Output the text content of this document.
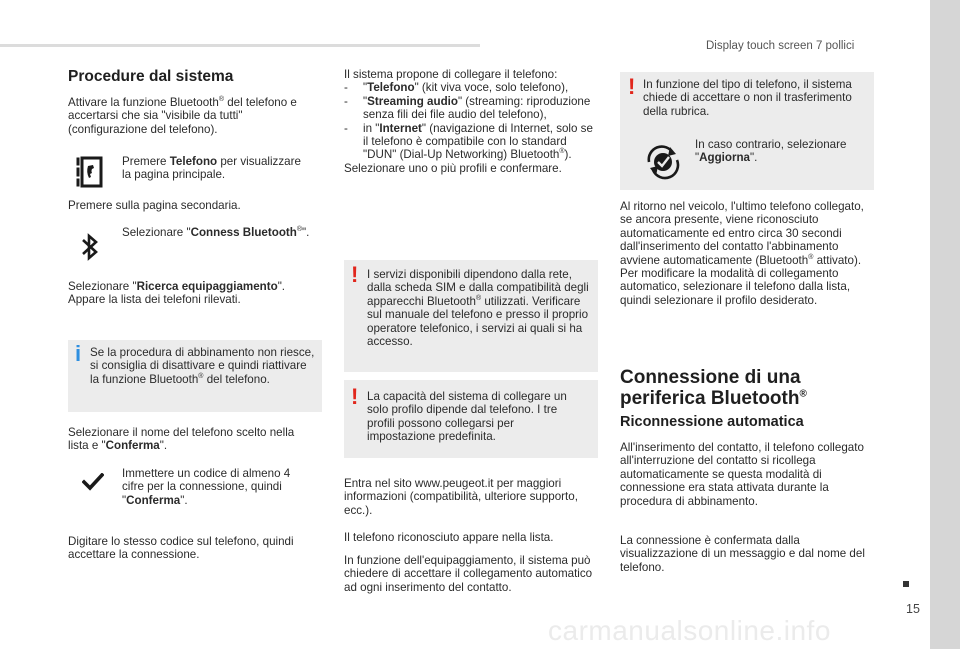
Display touch screen 7 pollici
15
carmanualsonline.info
Procedure dal sistema

Attivare la funzione Bluetooth® del telefono e accertarsi che sia "visibile da tutti" (configurazione del telefono).

Premere Telefono per visualizzare la pagina principale.

Premere sulla pagina secondaria.

Selezionare "Conness Bluetooth®".

Selezionare "Ricerca equipaggiamento". Appare la lista dei telefoni rilevati.

i Se la procedura di abbinamento non riesce, si consiglia di disattivare e quindi riattivare la funzione Bluetooth® del telefono.

Selezionare il nome del telefono scelto nella lista e "Conferma".

Immettere un codice di almeno 4 cifre per la connessione, quindi "Conferma".

Digitare lo stesso codice sul telefono, quindi accettare la connessione.

Il sistema propone di collegare il telefono:

- "Telefono" (kit viva voce, solo telefono),
- "Streaming audio" (streaming: riproduzione senza fili dei file audio del telefono),
- in "Internet" (navigazione di Internet, solo se il telefono è compatibile con lo standard "DUN" (Dial-Up Networking) Bluetooth®).

Selezionare uno o più profili e confermare.

! I servizi disponibili dipendono dalla rete, dalla scheda SIM e dalla compatibilità degli apparecchi Bluetooth® utilizzati. Verificare sul manuale del telefono e presso il proprio operatore telefonico, i servizi ai quali si ha accesso.

! La capacità del sistema di collegare un solo profilo dipende dal telefono. I tre profili possono collegarsi per impostazione predefinita.

Entra nel sito www.peugeot.it per maggiori informazioni (compatibilità, ulteriore supporto, ecc.).

Il telefono riconosciuto appare nella lista.

In funzione dell'equipaggiamento, il sistema può chiedere di accettare il collegamento automatico ad ogni inserimento del contatto.

! In funzione del tipo di telefono, il sistema chiede di accettare o non il trasferimento della rubrica.

In caso contrario, selezionare "Aggiorna".

Al ritorno nel veicolo, l'ultimo telefono collegato, se ancora presente, viene riconosciuto automaticamente ed entro circa 30 secondi dall'inserimento del contatto l'abbinamento avviene automaticamente (Bluetooth® attivato). Per modificare la modalità di collegamento automatico, selezionare il telefono dalla lista, quindi selezionare il profilo desiderato.

Connessione di una
periferica Bluetooth®
Riconnessione automatica

All'inserimento del contatto, il telefono collegato all'interruzione del contatto si ricollega automaticamente se questa modalità di connessione era stata attivata durante la procedura di abbinamento.

La connessione è confermata dalla visualizzazione di un messaggio e dal nome del telefono.
